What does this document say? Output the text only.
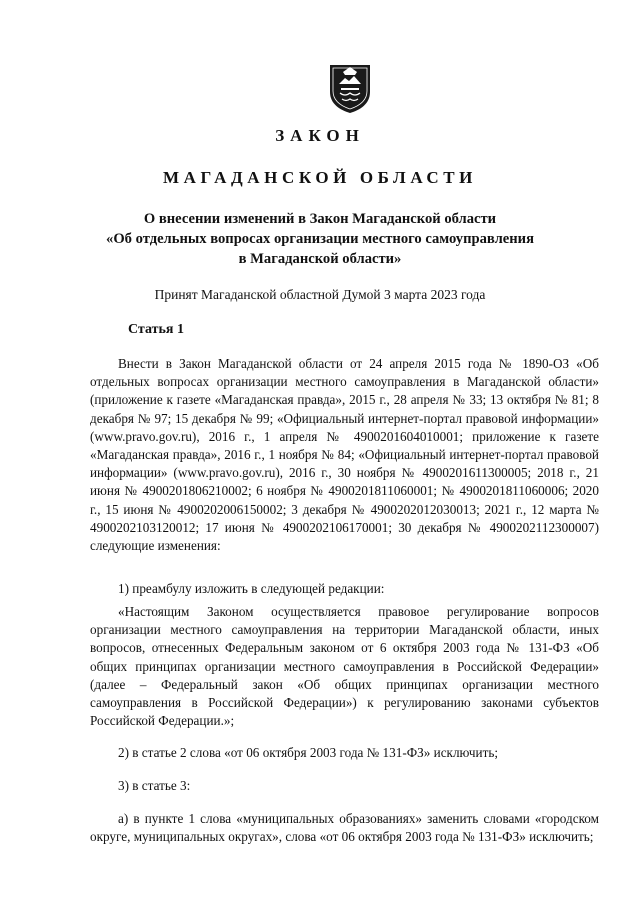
ЗАКОН
МАГАДАНСКОЙ ОБЛАСТИ
О внесении изменений в Закон Магаданской области
«Об отдельных вопросах организации местного самоуправления
в Магаданской области»
Принят Магаданской областной Думой 3 марта 2023 года
Статья 1

Внести в Закон Магаданской области от 24 апреля 2015 года № 1890-ОЗ «Об отдельных вопросах организации местного самоуправления в Магаданской области» (приложение к газете «Магаданская правда», 2015 г., 28 апреля № 33; 13 октября № 81; 8 декабря № 97; 15 декабря № 99; «Официальный интернет-портал правовой информации» (www.pravo.gov.ru), 2016 г., 1 апреля № 4900201604010001; приложение к газете «Магаданская правда», 2016 г., 1 ноября № 84; «Официальный интернет-портал правовой информации» (www.pravo.gov.ru), 2016 г., 30 ноября № 4900201611300005; 2018 г., 21 июня № 4900201806210002; 6 ноября № 4900201811060001; № 4900201811060006; 2020 г., 15 июня № 4900202006150002; 3 декабря № 4900202012030013; 2021 г., 12 марта № 4900202103120012; 17 июня № 4900202106170001; 30 декабря № 4900202112300007) следующие изменения:

1) преамбулу изложить в следующей редакции:

«Настоящим Законом осуществляется правовое регулирование вопросов организации местного самоуправления на территории Магаданской области, иных вопросов, отнесенных Федеральным законом от 6 октября 2003 года № 131-ФЗ «Об общих принципах организации местного самоуправления в Российской Федерации» (далее – Федеральный закон «Об общих принципах организации местного самоуправления в Российской Федерации») к регулированию законами субъектов Российской Федерации.»;

2) в статье 2 слова «от 06 октября 2003 года № 131-ФЗ» исключить;

3) в статье 3:

а) в пункте 1 слова «муниципальных образованиях» заменить словами «городском округе, муниципальных округах», слова «от 06 октября 2003 года № 131-ФЗ» исключить;
